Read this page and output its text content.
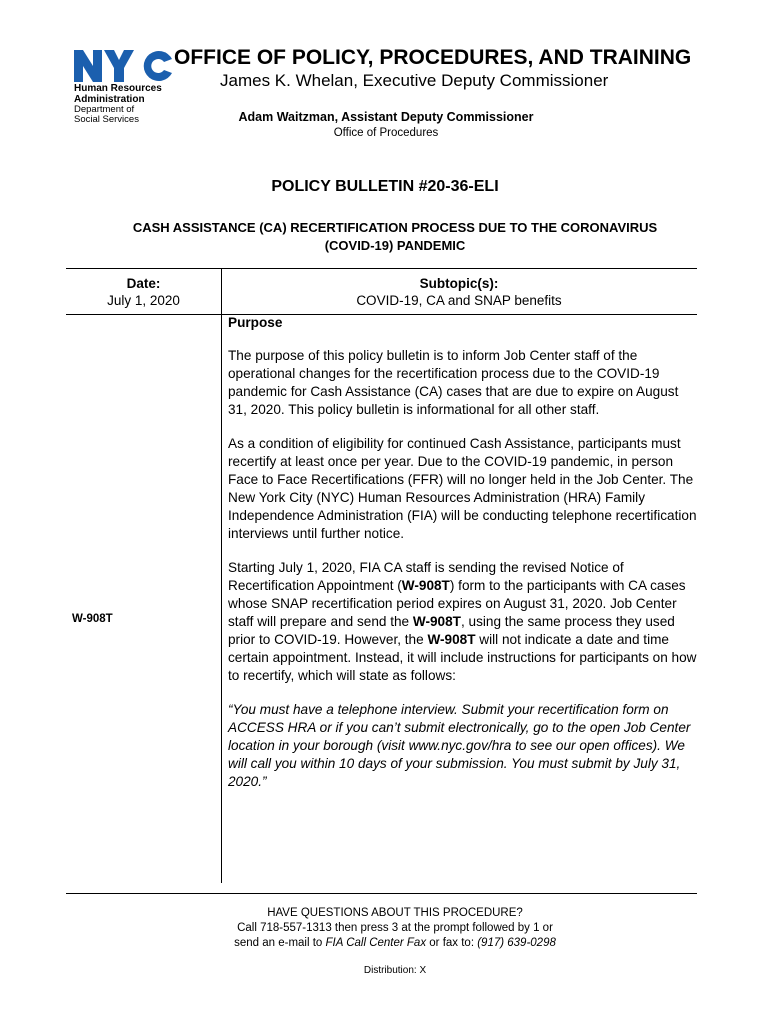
Human Resources
Administration
Department of
Social Services
OFFICE OF POLICY, PROCEDURES, AND TRAINING
James K. Whelan, Executive Deputy Commissioner
Adam Waitzman, Assistant Deputy Commissioner
Office of Procedures
POLICY BULLETIN #20-36-ELI
CASH ASSISTANCE (CA) RECERTIFICATION PROCESS DUE TO THE CORONAVIRUS
(COVID-19) PANDEMIC
Date:
July 1, 2020
Subtopic(s):
COVID-19, CA and SNAP benefits
W-908T

Purpose

The purpose of this policy bulletin is to inform Job Center staff of the operational changes for the recertification process due to the COVID-19 pandemic for Cash Assistance (CA) cases that are due to expire on August 31, 2020. This policy bulletin is informational for all other staff.

As a condition of eligibility for continued Cash Assistance, participants must recertify at least once per year. Due to the COVID-19 pandemic, in person Face to Face Recertifications (FFR) will no longer held in the Job Center. The New York City (NYC) Human Resources Administration (HRA) Family Independence Administration (FIA) will be conducting telephone recertification interviews until further notice.

Starting July 1, 2020, FIA CA staff is sending the revised Notice of Recertification Appointment (W-908T) form to the participants with CA cases whose SNAP recertification period expires on August 31, 2020. Job Center staff will prepare and send the W-908T, using the same process they used prior to COVID-19. However, the W-908T will not indicate a date and time certain appointment. Instead, it will include instructions for participants on how to recertify, which will state as follows:

“You must have a telephone interview. Submit your recertification form on ACCESS HRA or if you can’t submit electronically, go to the open Job Center location in your borough (visit www.nyc.gov/hra to see our open offices). We will call you within 10 days of your submission. You must submit by July 31, 2020.”

HAVE QUESTIONS ABOUT THIS PROCEDURE?
Call 718-557-1313 then press 3 at the prompt followed by 1 or
send an e-mail to FIA Call Center Fax or fax to: (917) 639-0298
Distribution: X
